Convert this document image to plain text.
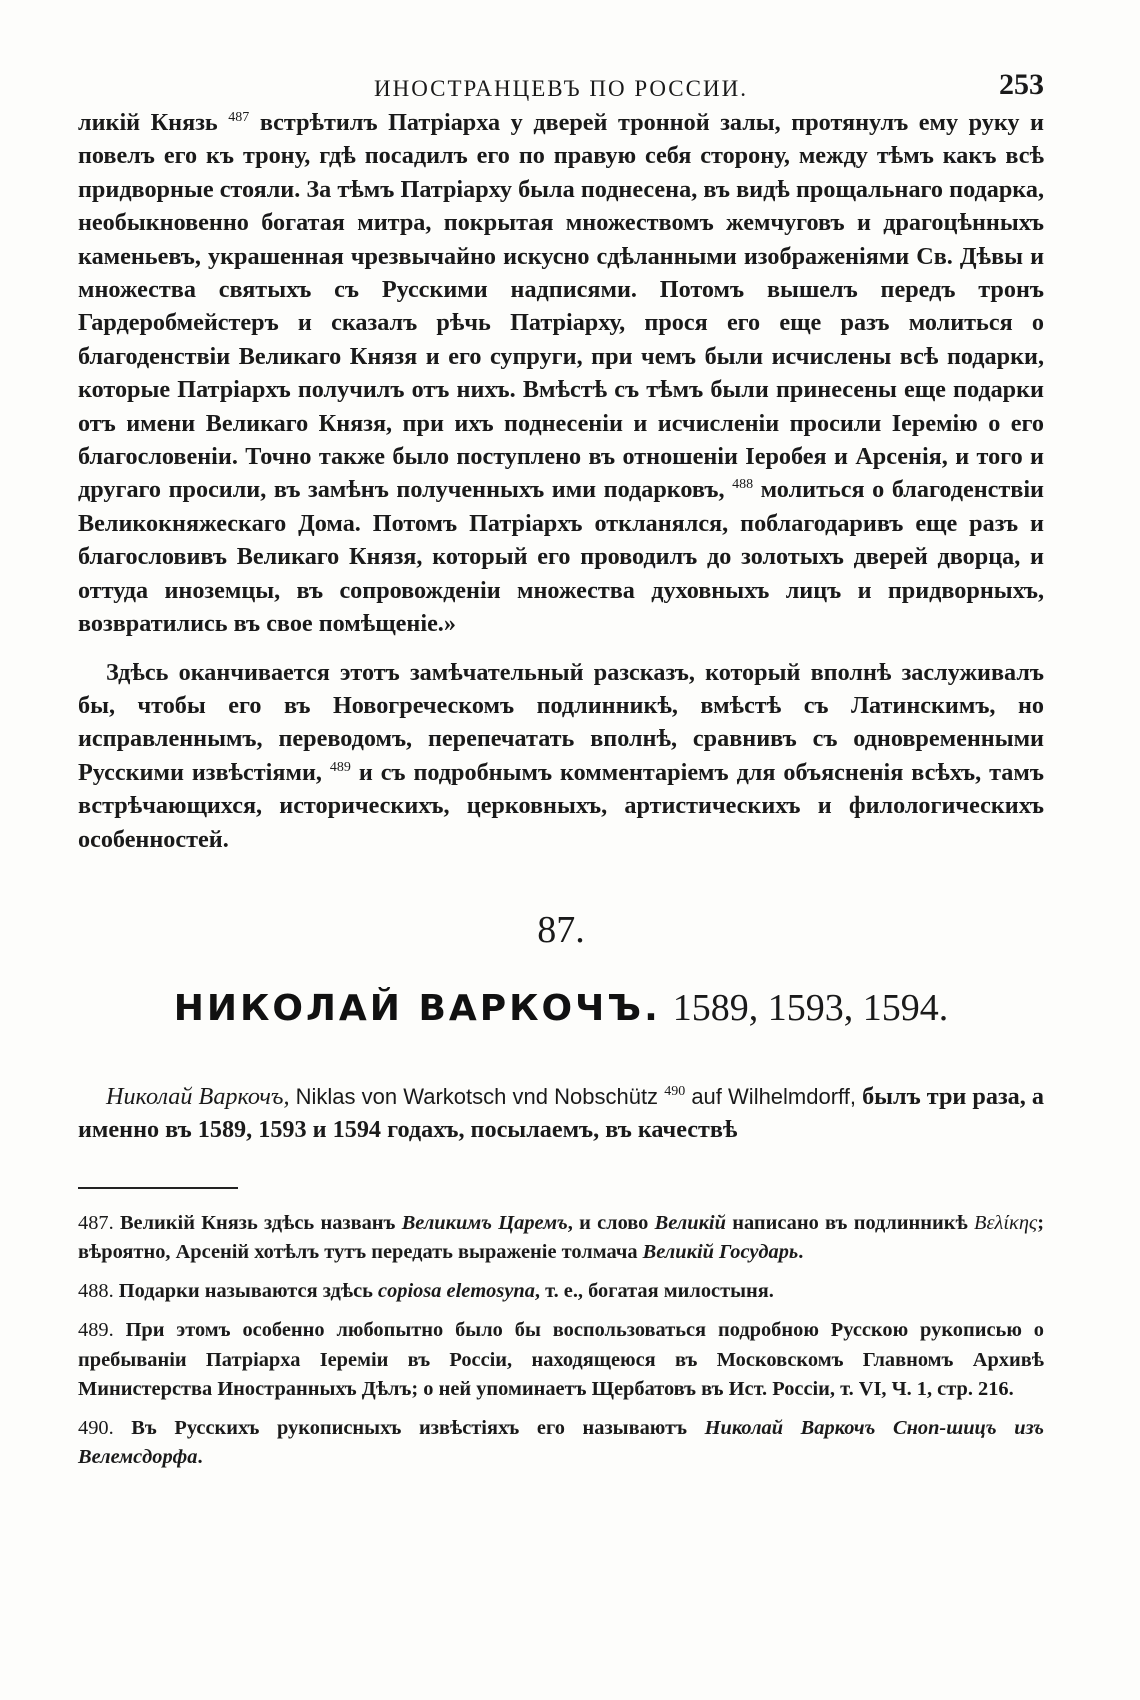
ИНОСТРАНЦЕВЪ ПО РОССИИ.	253

ликій Князь $^{487}$ встрѣтилъ Патріарха у дверей тронной залы, протянулъ ему руку и повелъ его къ трону, гдѣ посадилъ его по правую себя сторону, между тѣмъ какъ всѣ придворные стояли. За тѣмъ Патріарху была поднесена, въ видѣ прощальнаго подарка, необыкновенно богатая митра, покрытая множествомъ жемчуговъ и драгоцѣнныхъ каменьевъ, украшенная чрезвычайно искусно сдѣланными изображеніями Св. Дѣвы и множества святыхъ съ Русскими надписями. Потомъ вышелъ передъ тронъ Гардеробмейстеръ и сказалъ рѣчь Патріарху, прося его еще разъ молиться о благоденствіи Великаго Князя и его супруги, при чемъ были исчислены всѣ подарки, которые Патріархъ получилъ отъ нихъ. Вмѣстѣ съ тѣмъ были принесены еще подарки отъ имени Великаго Князя, при ихъ поднесеніи и исчисленіи просили Іеремію о его благословеніи. Точно также было поступлено въ отношеніи Іеробея и Арсенія, и того и другаго просили, въ замѣнъ полученныхъ ими подарковъ, $^{488}$ молиться о благоденствіи Великокняжескаго Дома. Потомъ Патріархъ откланялся, поблагодаривъ еще разъ и благословивъ Великаго Князя, который его проводилъ до золотыхъ дверей дворца, и оттуда иноземцы, въ сопровожденіи множества духовныхъ лицъ и придворныхъ, возвратились въ свое помѣщеніе.»

Здѣсь оканчивается этотъ замѣчательный разсказъ, который вполнѣ заслуживалъ бы, чтобы его въ Новогреческомъ подлинникѣ, вмѣстѣ съ Латинскимъ, но исправленнымъ, переводомъ, перепечатать вполнѣ, сравнивъ съ одновременными Русскими извѣстіями, $^{489}$ и съ подробнымъ комментаріемъ для объясненія всѣхъ, тамъ встрѣчающихся, историческихъ, церковныхъ, артистическихъ и филологическихъ особенностей.

87.
НИКОЛАЙ ВАРКОЧЪ. 1589, 1593, 1594.

Николай Варкочъ, Niklas von Warkotsch vnd Nobschütz $^{490}$ auf Wilhelmdorff, былъ три раза, а именно въ 1589, 1593 и 1594 годахъ, посылаемъ, въ качествѣ

487. Великій Князь здѣсь названъ Великимъ Царемъ, и слово Великій написано въ подлинникѣ Βελίκης; вѣроятно, Арсеній хотѣлъ тутъ передать выраженіе толмача Великій Государь.

488. Подарки называются здѣсь copiosa elemosyna, т. е., богатая милостыня.

489. При этомъ особенно любопытно было бы воспользоваться подробною Русскою рукописью о пребываніи Патріарха Іереміи въ Россіи, находящеюся въ Московскомъ Главномъ Архивѣ Министерства Иностранныхъ Дѣлъ; о ней упоминаетъ Щербатовъ въ Ист. Россіи, т. VI, Ч. 1, стр. 216.

490. Въ Русскихъ рукописныхъ извѣстіяхъ его называютъ Николай Варкочъ Сноп-шицъ изъ Велемсдорфа.
